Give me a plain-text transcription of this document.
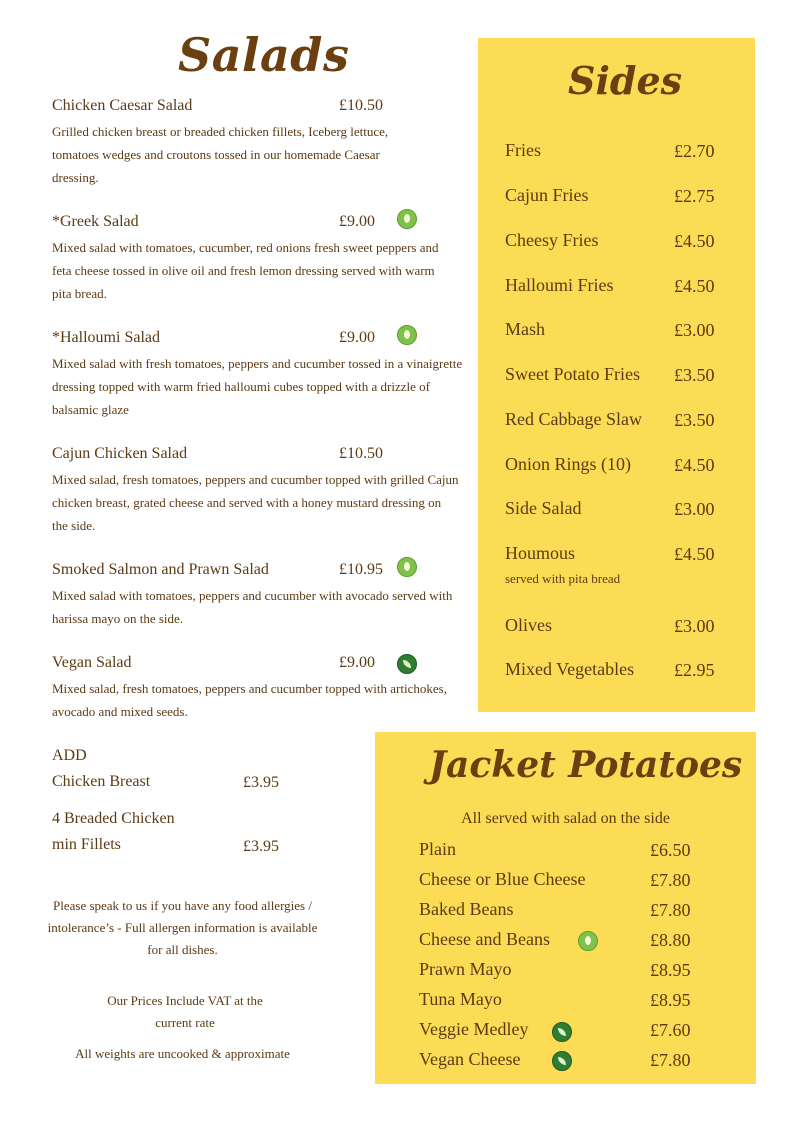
Salads
Chicken Caesar Salad	£10.50
Grilled chicken breast or breaded chicken fillets, Iceberg lettuce, tomatoes wedges and croutons tossed in our homemade Caesar dressing.
*Greek Salad	£9.00
Mixed salad with tomatoes, cucumber, red onions fresh sweet peppers and feta cheese tossed in olive oil and fresh lemon dressing served with warm pita bread.
*Halloumi Salad	£9.00
Mixed salad with fresh tomatoes, peppers and cucumber tossed in a vinaigrette dressing topped with warm fried halloumi cubes topped with a drizzle of balsamic glaze
Cajun Chicken Salad	£10.50
Mixed salad, fresh tomatoes, peppers and cucumber topped with grilled Cajun chicken breast, grated cheese and served with a honey mustard dressing on the side.
Smoked Salmon and Prawn Salad	£10.95
Mixed salad with tomatoes, peppers and cucumber with avocado served with harissa mayo on the side.
Vegan Salad	£9.00
Mixed salad, fresh tomatoes, peppers and cucumber topped with artichokes, avocado and mixed seeds.
ADD
Chicken Breast	£3.95
4 Breaded Chicken
min Fillets	£3.95
Please speak to us if you have any food allergies / intolerance’s - Full allergen information is available for all dishes.
Our Prices Include VAT at the current rate
All weights are uncooked & approximate
Sides
Fries	£2.70
Cajun Fries	£2.75
Cheesy Fries	£4.50
Halloumi Fries	£4.50
Mash	£3.00
Sweet Potato Fries £3.50
Red Cabbage Slaw £3.50
Onion Rings (10) £4.50
Side Salad	£3.00
Houmous	£4.50
served with pita bread
Olives	£3.00
Mixed Vegetables £2.95
Jacket Potatoes
All served with salad on the side
Plain	£6.50
Cheese or Blue Cheese	£7.80
Baked Beans	£7.80
Cheese and Beans	£8.80
Prawn Mayo	£8.95
Tuna Mayo	£8.95
Veggie Medley	£7.60
Vegan Cheese	£7.80
